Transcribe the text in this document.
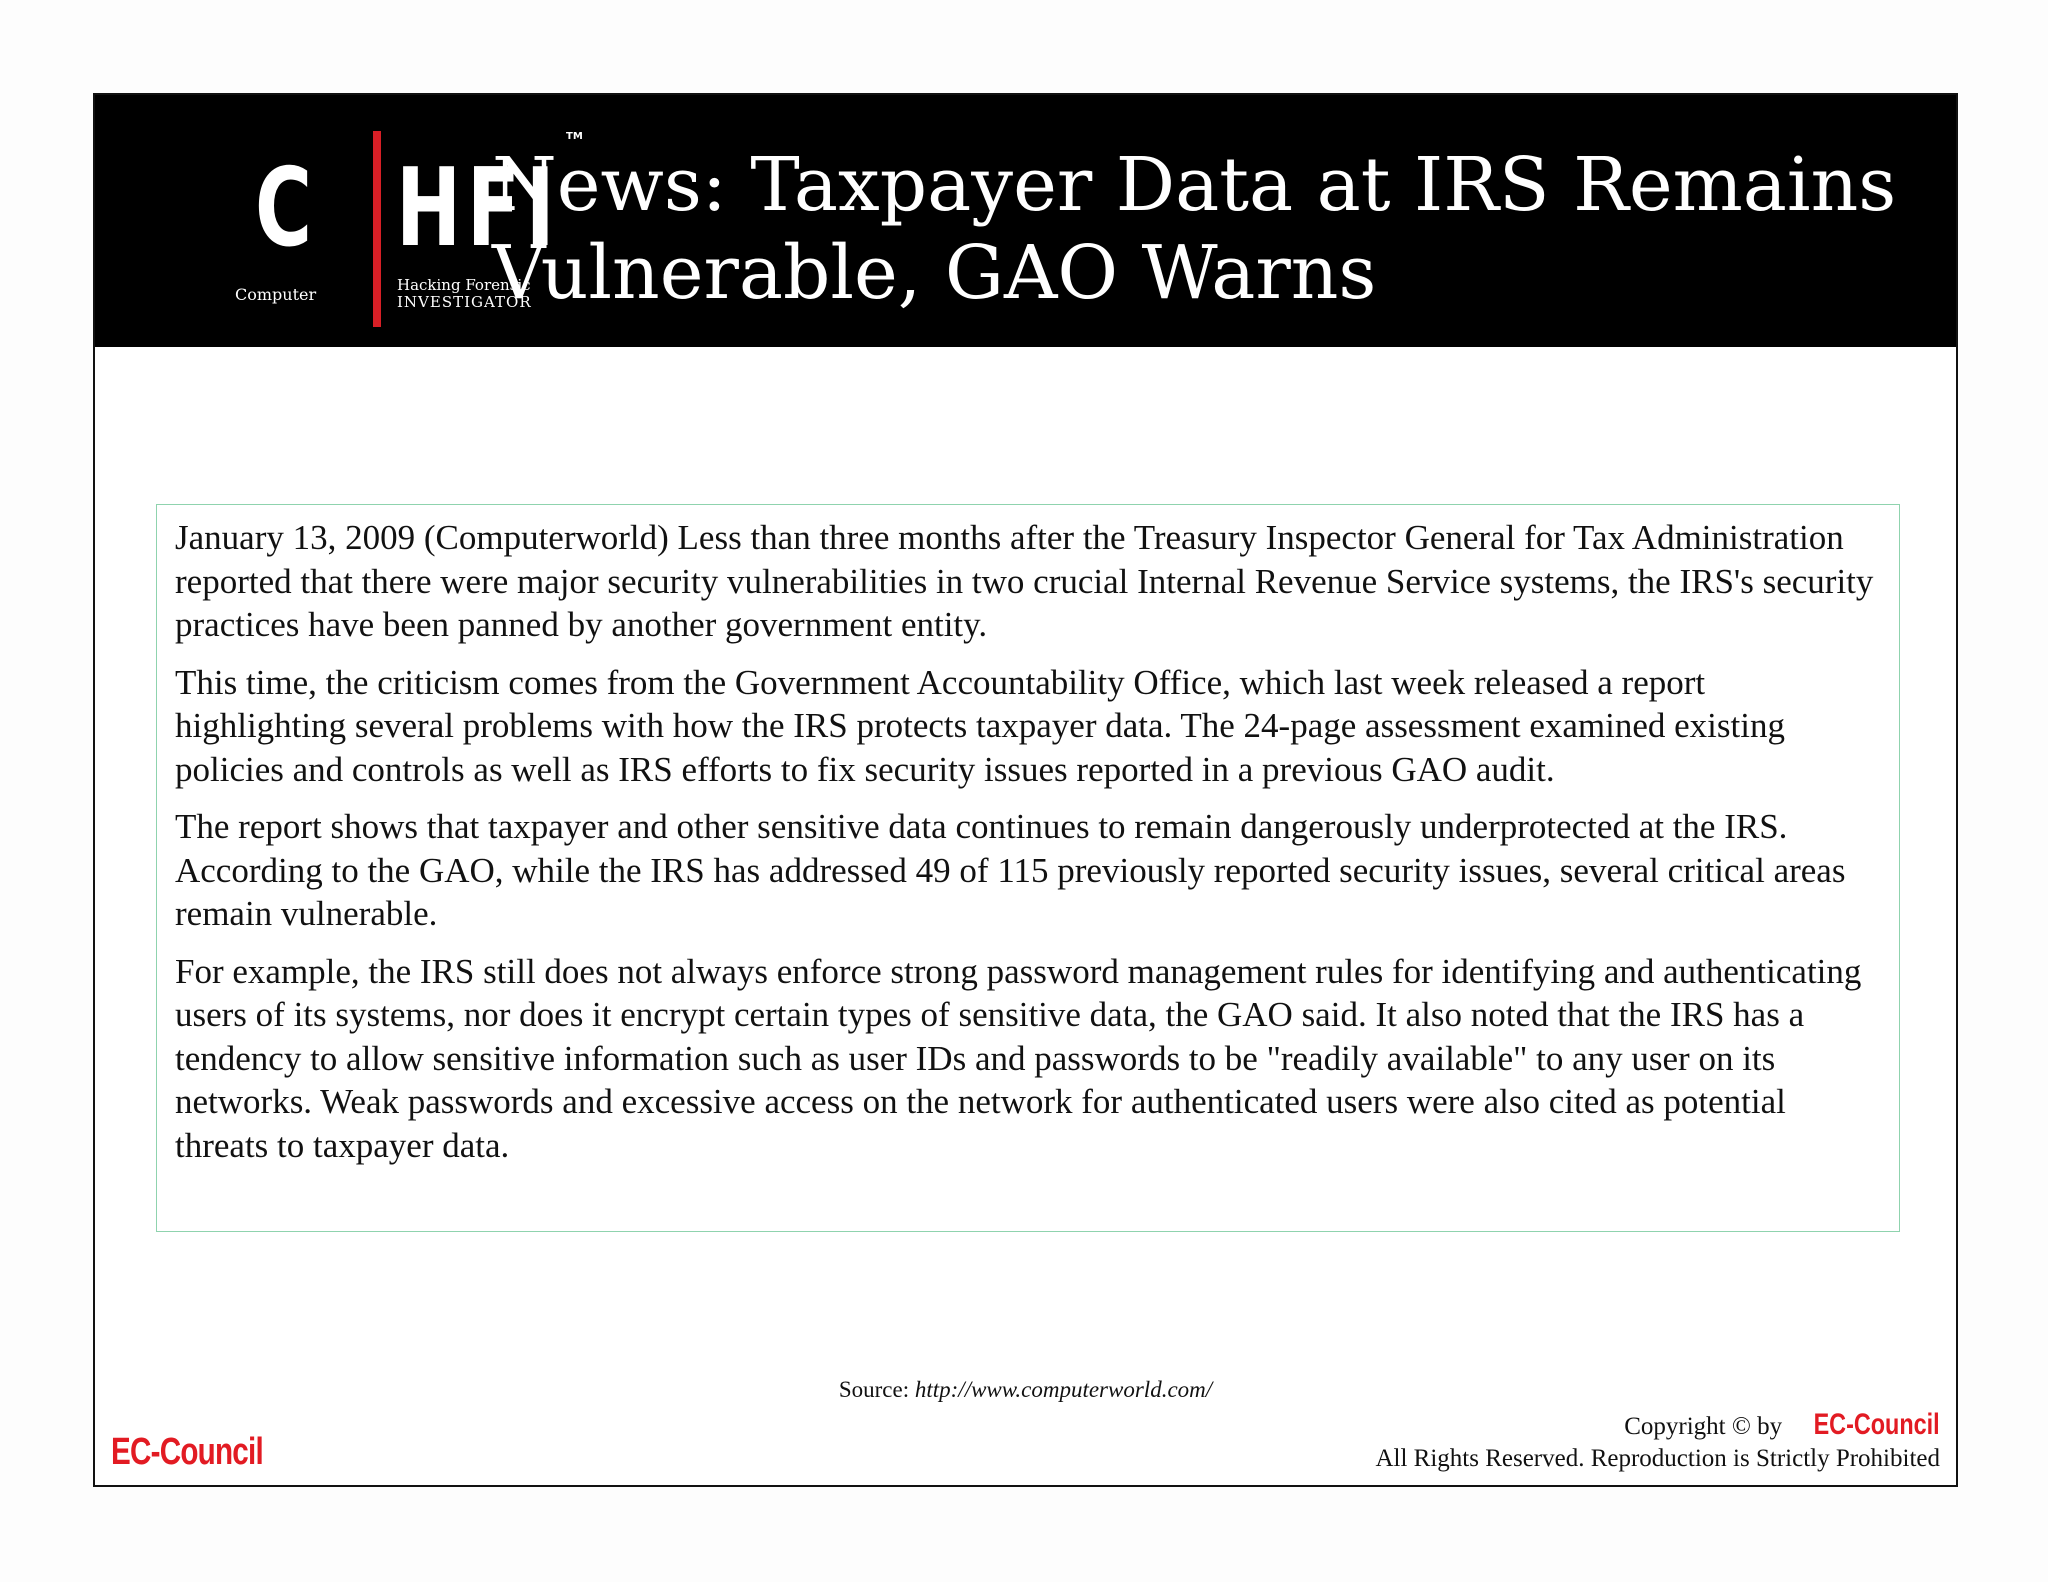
C HFI
TM
Computer	Hacking Forensic
INVESTIGATOR
News: Taxpayer Data at IRS Remains Vulnerable, GAO Warns

January 13, 2009 (Computerworld) Less than three months after the Treasury Inspector General for Tax Administration reported that there were major security vulnerabilities in two crucial Internal Revenue Service systems, the IRS's security practices have been panned by another government entity.

This time, the criticism comes from the Government Accountability Office, which last week released a report highlighting several problems with how the IRS protects taxpayer data. The 24-page assessment examined existing policies and controls as well as IRS efforts to fix security issues reported in a previous GAO audit.

The report shows that taxpayer and other sensitive data continues to remain dangerously underprotected at the IRS. According to the GAO, while the IRS has addressed 49 of 115 previously reported security issues, several critical areas remain vulnerable.

For example, the IRS still does not always enforce strong password management rules for identifying and authenticating users of its systems, nor does it encrypt certain types of sensitive data, the GAO said. It also noted that the IRS has a tendency to allow sensitive information such as user IDs and passwords to be "readily available" to any user on its networks. Weak passwords and excessive access on the network for authenticated users were also cited as potential threats to taxpayer data.

Source: http://www.computerworld.com/
EC-Council
Copyright © by EC-Council
All Rights Reserved. Reproduction is Strictly Prohibited
